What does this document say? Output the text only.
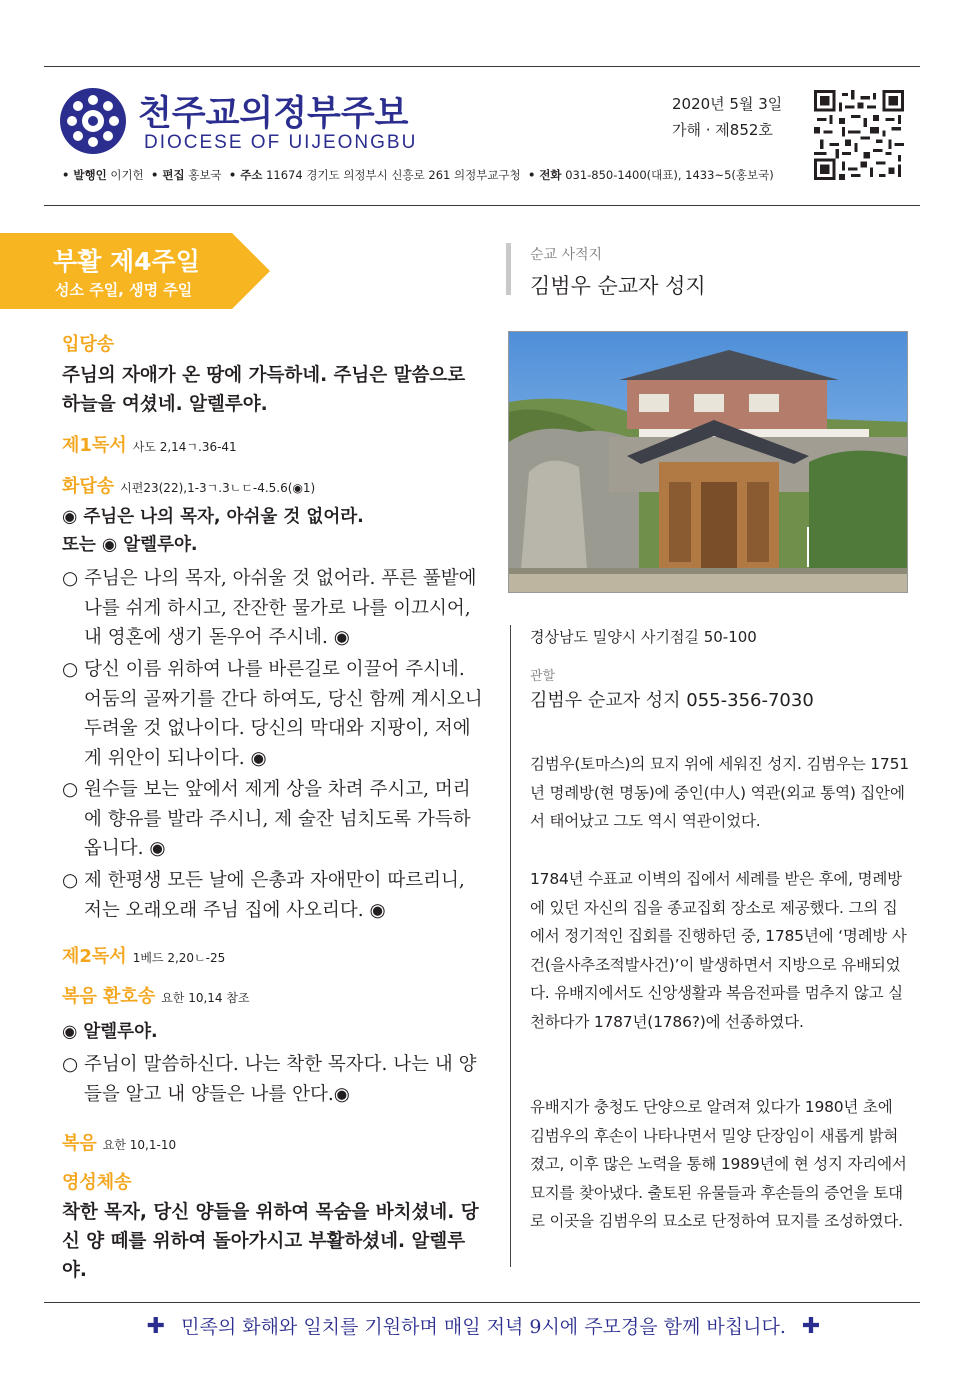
천주교의정부주보
DIOCESE OF UIJEONGBU
2020년 5월 3일
가해 · 제852호
• 발행인 이기헌 • 편집 홍보국 • 주소 11674 경기도 의정부시 신흥로 261 의정부교구청 • 전화 031-850-1400(대표), 1433~5(홍보국)
부활 제4주일
성소 주일, 생명 주일
입당송
주님의 자애가 온 땅에 가득하네. 주님은 말씀으로 하늘을 여셨네. 알렐루야.
제1독서 사도 2,14ㄱ.36-41
화답송 시편23(22),1-3ㄱ.3ㄴㄷ-4.5.6(◉1)
◉ 주님은 나의 목자, 아쉬울 것 없어라.
또는 ◉ 알렐루야.
○ 주님은 나의 목자, 아쉬울 것 없어라. 푸른 풀밭에 나를 쉬게 하시고, 잔잔한 물가로 나를 이끄시어, 내 영혼에 생기 돋우어 주시네. ◉
○ 당신 이름 위하여 나를 바른길로 이끌어 주시네. 어둠의 골짜기를 간다 하여도, 당신 함께 계시오니 두려울 것 없나이다. 당신의 막대와 지팡이, 저에게 위안이 되나이다. ◉
○ 원수들 보는 앞에서 제게 상을 차려 주시고, 머리에 향유를 발라 주시니, 제 술잔 넘치도록 가득하옵니다. ◉
○ 제 한평생 모든 날에 은총과 자애만이 따르리니, 저는 오래오래 주님 집에 사오리다. ◉
제2독서 1베드 2,20ㄴ-25
복음 환호송 요한 10,14 참조
◉ 알렐루야.
○ 주님이 말씀하신다. 나는 착한 목자다. 나는 내 양들을 알고 내 양들은 나를 안다.◉
복음 요한 10,1-10
영성체송
착한 목자, 당신 양들을 위하여 목숨을 바치셨네. 당신 양 떼를 위하여 돌아가시고 부활하셨네. 알렐루야.
순교 사적지
김범우 순교자 성지
경상남도 밀양시 사기점길 50-100
관할
김범우 순교자 성지 055-356-7030
김범우(토마스)의 묘지 위에 세워진 성지. 김범우는 1751년 명례방(현 명동)에 중인(中人) 역관(외교 통역) 집안에서 태어났고 그도 역시 역관이었다.
1784년 수표교 이벽의 집에서 세례를 받은 후에, 명례방에 있던 자신의 집을 종교집회 장소로 제공했다. 그의 집에서 정기적인 집회를 진행하던 중, 1785년에 ‘명례방 사건(을사추조적발사건)’이 발생하면서 지방으로 유배되었다. 유배지에서도 신앙생활과 복음전파를 멈추지 않고 실천하다가 1787년(1786?)에 선종하였다.
유배지가 충청도 단양으로 알려져 있다가 1980년 초에 김범우의 후손이 나타나면서 밀양 단장임이 새롭게 밝혀졌고, 이후 많은 노력을 통해 1989년에 현 성지 자리에서 묘지를 찾아냈다. 출토된 유물들과 후손들의 증언을 토대로 이곳을 김범우의 묘소로 단정하여 묘지를 조성하였다.
✚ 민족의 화해와 일치를 기원하며 매일 저녁 9시에 주모경을 함께 바칩니다. ✚
